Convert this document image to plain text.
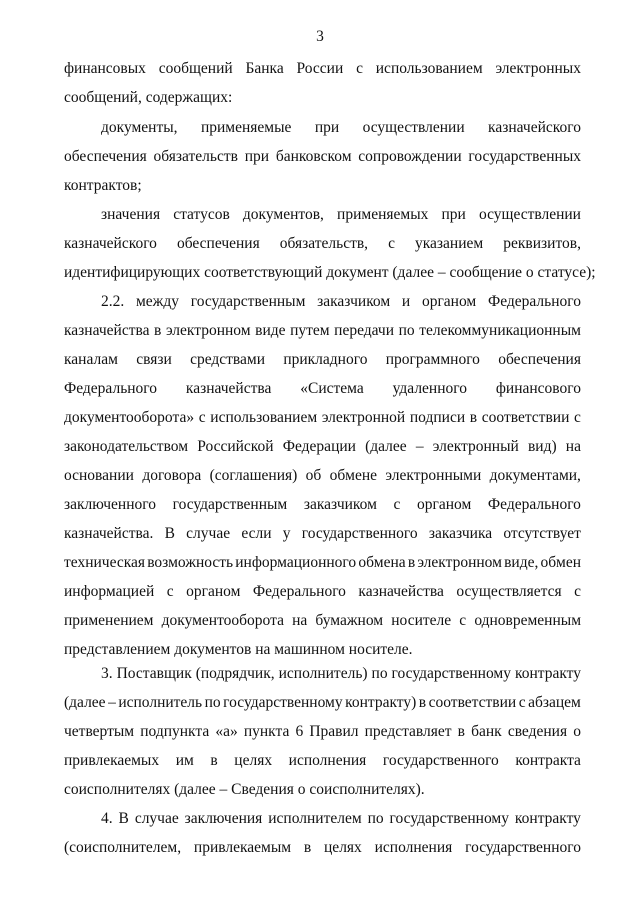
3
финансовых сообщений Банка России с использованием электронных
сообщений, содержащих:
документы, применяемые при осуществлении казначейского
обеспечения обязательств при банковском сопровождении государственных
контрактов;
значения статусов документов, применяемых при осуществлении
казначейского обеспечения обязательств, с указанием реквизитов,
идентифицирующих соответствующий документ (далее – сообщение о статусе);
2.2. между государственным заказчиком и органом Федерального
казначейства в электронном виде путем передачи по телекоммуникационным
каналам связи средствами прикладного программного обеспечения
Федерального казначейства «Система удаленного финансового
документооборота» с использованием электронной подписи в соответствии с
законодательством Российской Федерации (далее – электронный вид) на
основании договора (соглашения) об обмене электронными документами,
заключенного государственным заказчиком с органом Федерального
казначейства. В случае если у государственного заказчика отсутствует
техническая возможность информационного обмена в электронном виде, обмен
информацией с органом Федерального казначейства осуществляется с
применением документооборота на бумажном носителе с одновременным
представлением документов на машинном носителе.
3. Поставщик (подрядчик, исполнитель) по государственному контракту
(далее – исполнитель по государственному контракту) в соответствии с абзацем
четвертым подпункта «а» пункта 6 Правил представляет в банк сведения о
привлекаемых им в целях исполнения государственного контракта
соисполнителях (далее – Сведения о соисполнителях).
4. В случае заключения исполнителем по государственному контракту
(соисполнителем, привлекаемым в целях исполнения государственного
